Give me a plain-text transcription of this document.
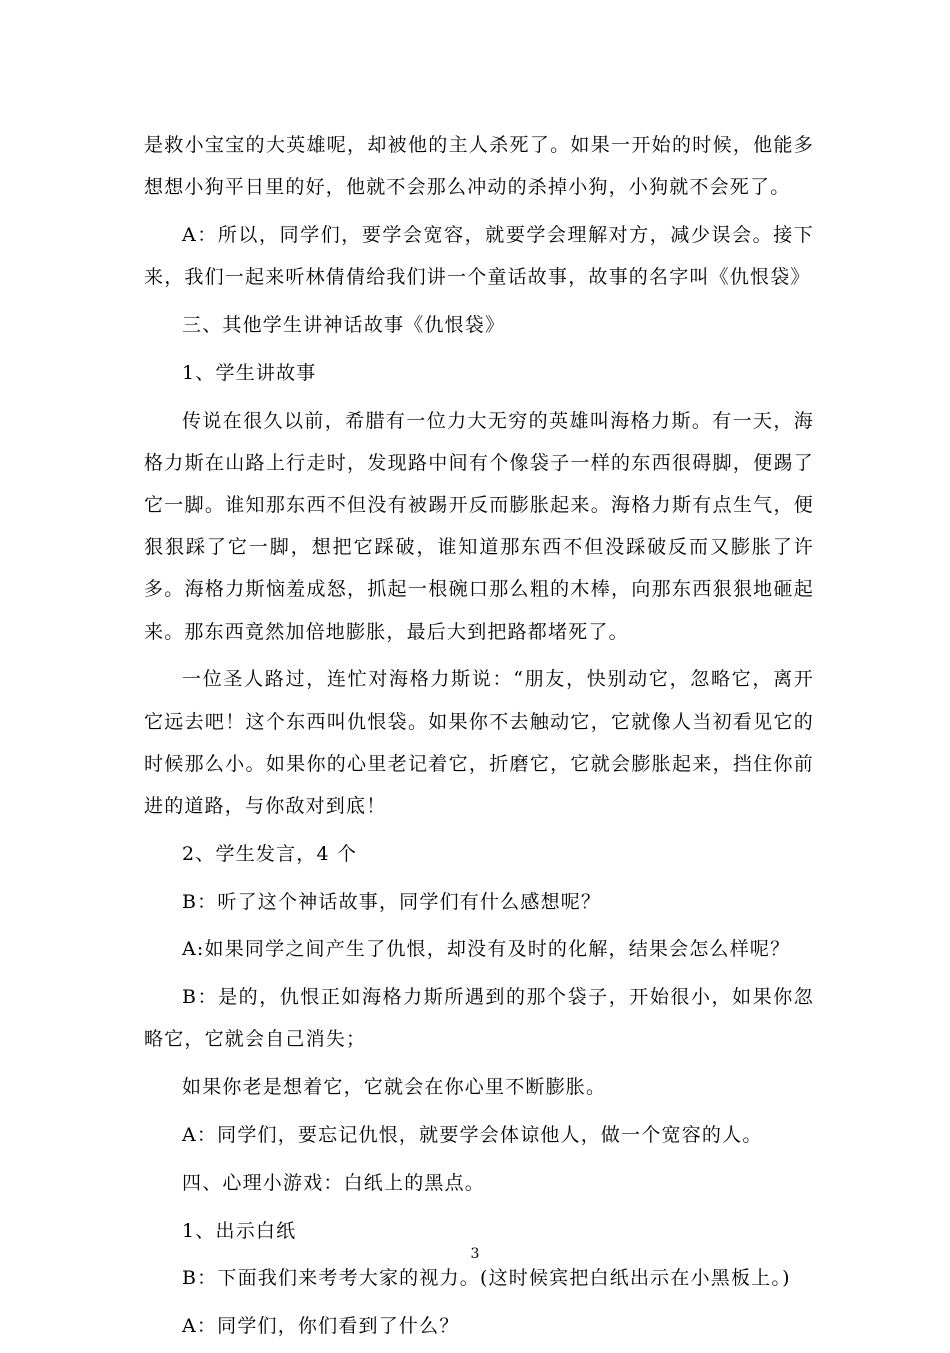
是救小宝宝的大英雄呢，却被他的主人杀死了。如果一开始的时候，他能多想想小狗平日里的好，他就不会那么冲动的杀掉小狗，小狗就不会死了。

A：所以，同学们，要学会宽容，就要学会理解对方，减少误会。接下来，我们一起来听林倩倩给我们讲一个童话故事，故事的名字叫《仇恨袋》

三、其他学生讲神话故事《仇恨袋》

1、学生讲故事

传说在很久以前，希腊有一位力大无穷的英雄叫海格力斯。有一天，海格力斯在山路上行走时，发现路中间有个像袋子一样的东西很碍脚，便踢了它一脚。谁知那东西不但没有被踢开反而膨胀起来。海格力斯有点生气，便狠狠踩了它一脚，想把它踩破，谁知道那东西不但没踩破反而又膨胀了许多。海格力斯恼羞成怒，抓起一根碗口那么粗的木棒，向那东西狠狠地砸起来。那东西竟然加倍地膨胀，最后大到把路都堵死了。

一位圣人路过，连忙对海格力斯说：“朋友，快别动它，忽略它，离开它远去吧！这个东西叫仇恨袋。如果你不去触动它，它就像人当初看见它的时候那么小。如果你的心里老记着它，折磨它，它就会膨胀起来，挡住你前进的道路，与你敌对到底！

2、学生发言，4 个

B：听了这个神话故事，同学们有什么感想呢？

A:如果同学之间产生了仇恨，却没有及时的化解，结果会怎么样呢？

B：是的，仇恨正如海格力斯所遇到的那个袋子，开始很小，如果你忽略它，它就会自己消失；

如果你老是想着它，它就会在你心里不断膨胀。

A：同学们，要忘记仇恨，就要学会体谅他人，做一个宽容的人。

四、心理小游戏：白纸上的黑点。

1、出示白纸

B：下面我们来考考大家的视力。(这时候宾把白纸出示在小黑板上。)

A：同学们，你们看到了什么？

3
